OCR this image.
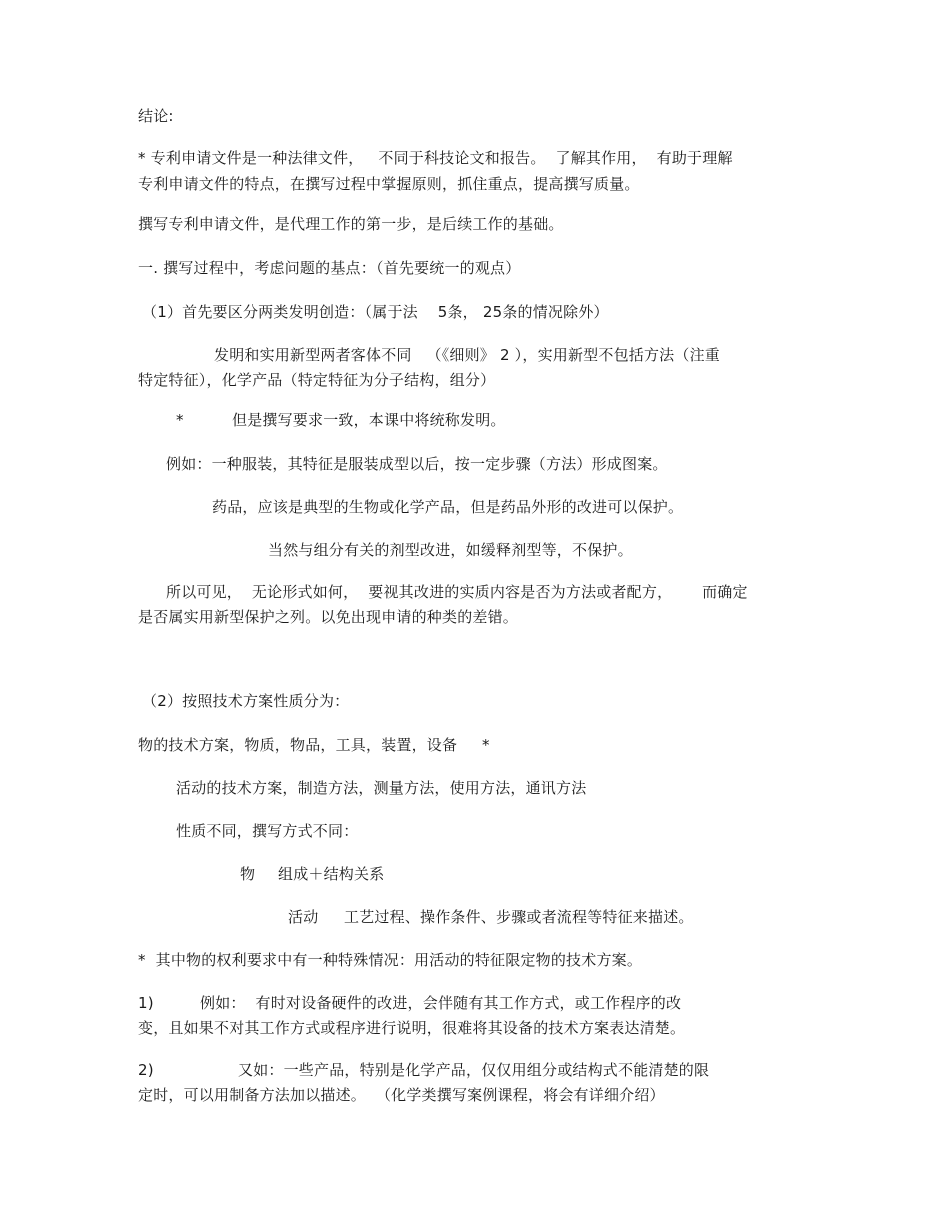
结论:
* 专利申请文件是一种法律文件，   不同于科技论文和报告。  了解其作用，  有助于理解
专利申请文件的特点，在撰写过程中掌握原则，抓住重点，提高撰写质量。
撰写专利申请文件，是代理工作的第一步，是后续工作的基础。
一. 撰写过程中，考虑问题的基点：（首先要统一的观点）
（1）首先要区分两类发明创造：（属于法    5条， 25条的情况除外）
发明和实用新型两者客体不同   （《细则》 2 ），实用新型不包括方法（注重
特定特征），化学产品（特定特征为分子结构，组分）
*	但是撰写要求一致，本课中将统称发明。
例如：一种服装，其特征是服装成型以后，按一定步骤（方法）形成图案。
药品，应该是典型的生物或化学产品，但是药品外形的改进可以保护。
当然与组分有关的剂型改进，如缓释剂型等，不保护。
所以可见，  无论形式如何，  要视其改进的实质内容是否为方法或者配方，      而确定
是否属实用新型保护之列。以免出现申请的种类的差错。
（2）按照技术方案性质分为：
物的技术方案，物质，物品，工具，装置，设备     *
活动的技术方案，制造方法，测量方法，使用方法，通讯方法
性质不同，撰写方式不同：
物 组成＋结构关系
活动 工艺过程、操作条件、步骤或者流程等特征来描述。
*  其中物的权利要求中有一种特殊情况：用活动的特征限定物的技术方案。
1)	例如：  有时对设备硬件的改进，会伴随有其工作方式，或工作程序的改
变，且如果不对其工作方式或程序进行说明，很难将其设备的技术方案表达清楚。
2)	又如：一些产品，特别是化学产品，仅仅用组分或结构式不能清楚的限
定时，可以用制备方法加以描述。  （化学类撰写案例课程，将会有详细介绍）
